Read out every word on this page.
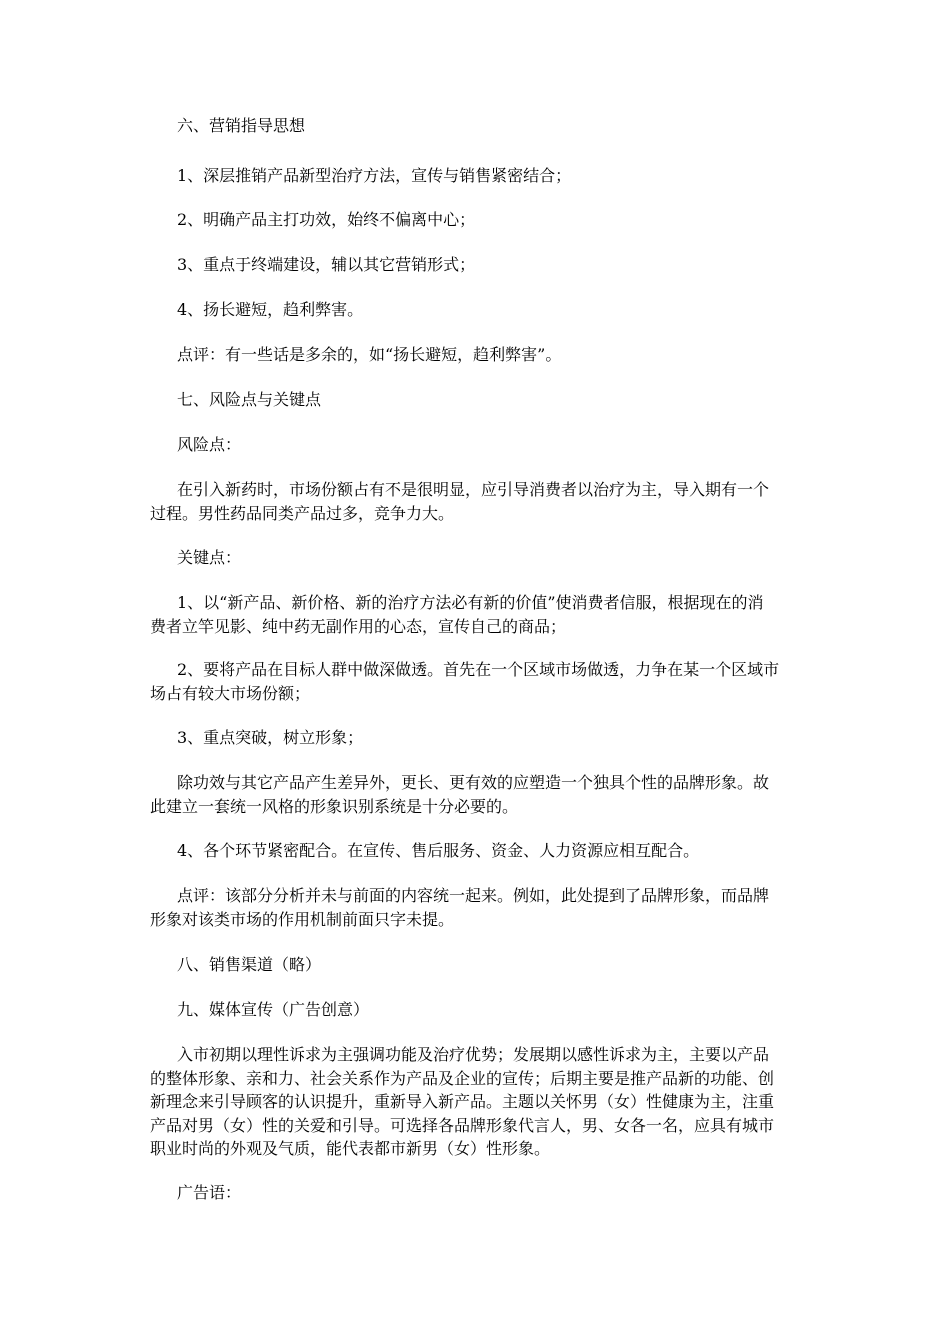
六、营销指导思想

1、深层推销产品新型治疗方法，宣传与销售紧密结合；

2、明确产品主打功效，始终不偏离中心；

3、重点于终端建设，辅以其它营销形式；

4、扬长避短，趋利弊害。

点评：有一些话是多余的，如“扬长避短，趋利弊害”。

七、风险点与关键点

风险点：

在引入新药时，市场份额占有不是很明显，应引导消费者以治疗为主，导入期有一个
过程。男性药品同类产品过多，竞争力大。

关键点：

1、以“新产品、新价格、新的治疗方法必有新的价值”使消费者信服，根据现在的消
费者立竿见影、纯中药无副作用的心态，宣传自己的商品；

2、要将产品在目标人群中做深做透。首先在一个区域市场做透，力争在某一个区域市
场占有较大市场份额；

3、重点突破，树立形象；

除功效与其它产品产生差异外，更长、更有效的应塑造一个独具个性的品牌形象。故
此建立一套统一风格的形象识别系统是十分必要的。

4、各个环节紧密配合。在宣传、售后服务、资金、人力资源应相互配合。

点评：该部分分析并未与前面的内容统一起来。例如，此处提到了品牌形象，而品牌
形象对该类市场的作用机制前面只字未提。

八、销售渠道（略）

九、媒体宣传（广告创意）

入市初期以理性诉求为主强调功能及治疗优势；发展期以感性诉求为主，主要以产品
的整体形象、亲和力、社会关系作为产品及企业的宣传；后期主要是推产品新的功能、创
新理念来引导顾客的认识提升，重新导入新产品。主题以关怀男（女）性健康为主，注重
产品对男（女）性的关爱和引导。可选择各品牌形象代言人，男、女各一名，应具有城市
职业时尚的外观及气质，能代表都市新男（女）性形象。

广告语：
